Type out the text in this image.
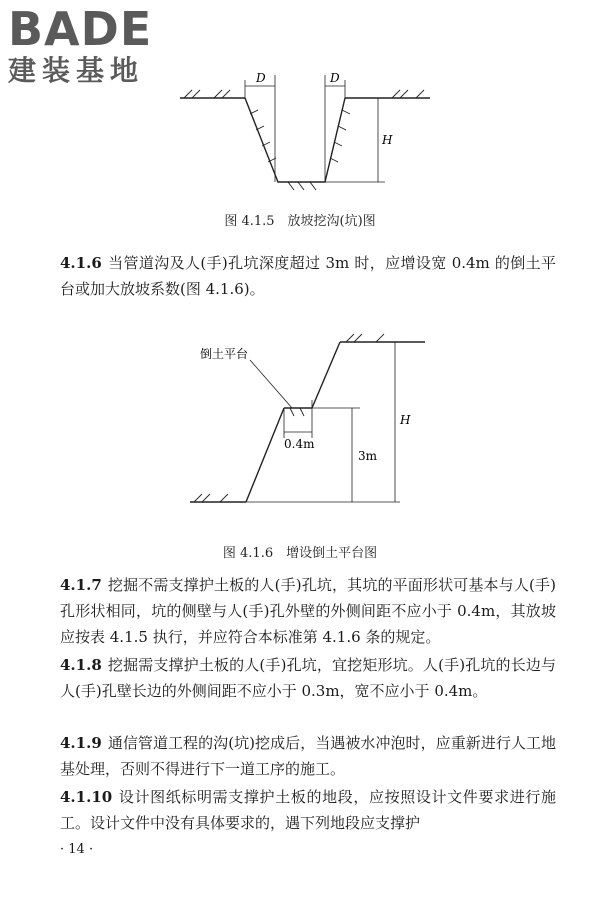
BADE
建装基地	D	D
H
图 4.1.5　放坡挖沟(坑)图

4.1.6 当管道沟及人(手)孔坑深度超过 3m 时，应增设宽 0.4m 的倒土平台或加大放坡系数(图 4.1.6)。

倒土平台
0.4m
3m
H
图 4.1.6　增设倒土平台图

4.1.7 挖掘不需支撑护土板的人(手)孔坑，其坑的平面形状可基本与人(手)孔形状相同，坑的侧壁与人(手)孔外壁的外侧间距不应小于 0.4m，其放坡应按表 4.1.5 执行，并应符合本标准第 4.1.6 条的规定。

4.1.8 挖掘需支撑护土板的人(手)孔坑，宜挖矩形坑。人(手)孔坑的长边与人(手)孔壁长边的外侧间距不应小于 0.3m，宽不应小于 0.4m。

4.1.9 通信管道工程的沟(坑)挖成后，当遇被水冲泡时，应重新进行人工地基处理，否则不得进行下一道工序的施工。

4.1.10 设计图纸标明需支撑护土板的地段，应按照设计文件要求进行施工。设计文件中没有具体要求的，遇下列地段应支撑护

· 14 ·
